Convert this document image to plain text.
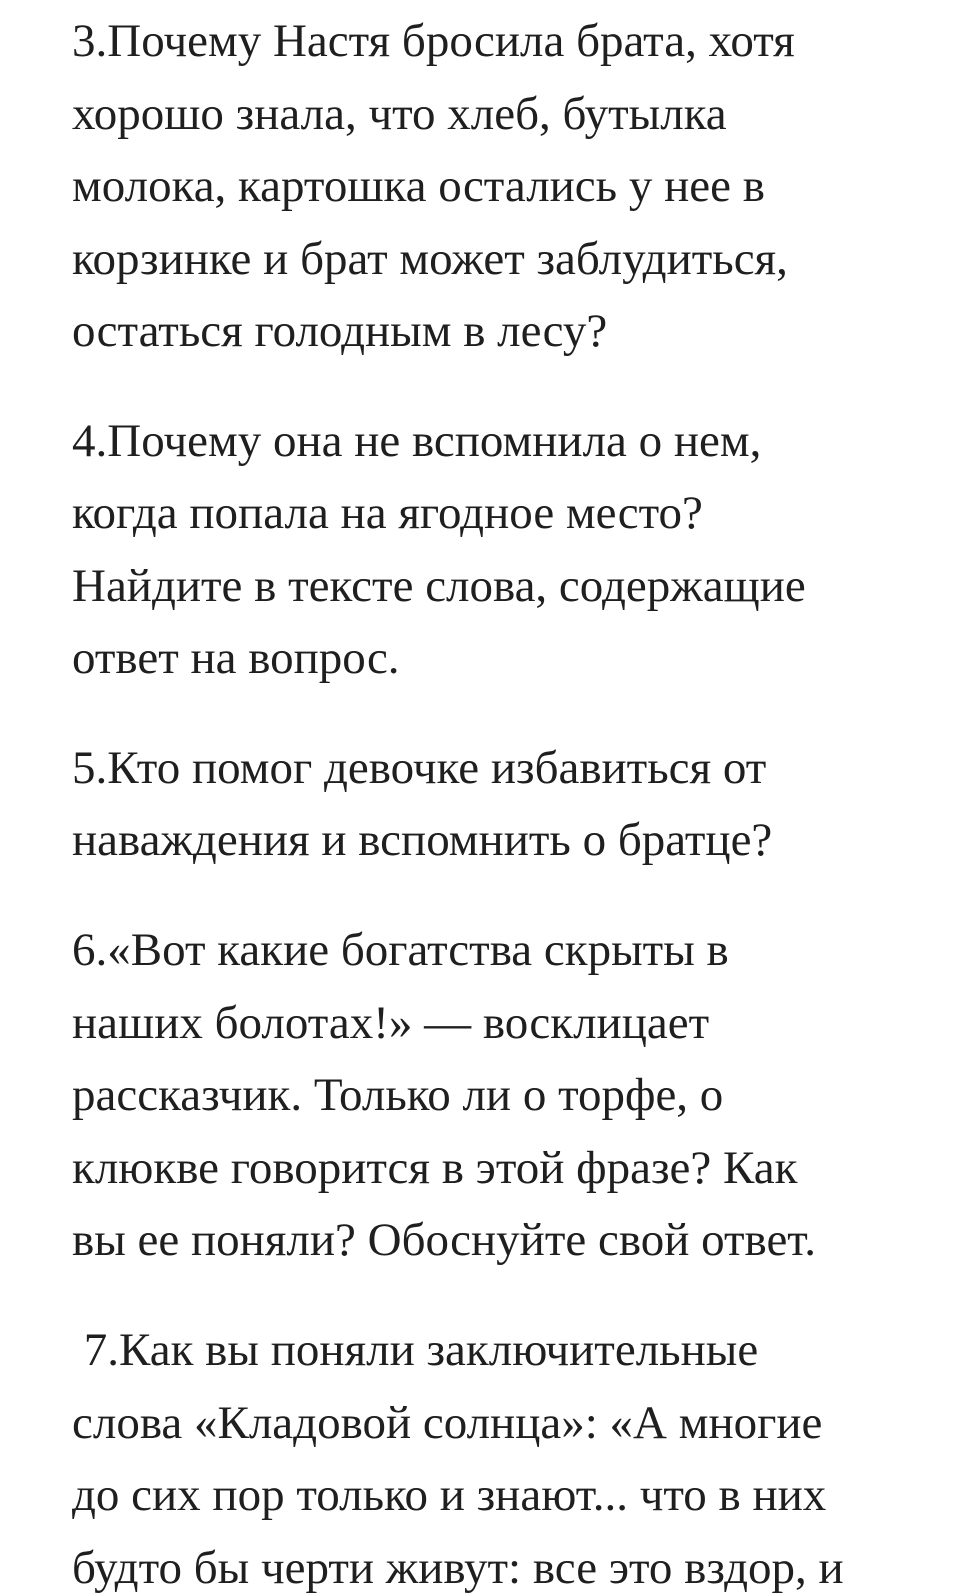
3.Почему Настя бросила брата, хотя
хорошо знала, что хлеб, бутылка
молока, картошка остались у нее в
корзинке и брат может заблудиться,
остаться голодным в лесу?
4.Почему она не вспомнила о нем,
когда попала на ягодное место?
Найдите в тексте слова, содержащие
ответ на вопрос.
5.Кто помог девочке избавиться от
наваждения и вспомнить о братце?
6.«Вот какие богатства скрыты в
наших болотах!» — восклицает
рассказчик. Только ли о торфе, о
клюкве говорится в этой фразе? Как
вы ее поняли? Обоснуйте свой ответ.
7.Как вы поняли заключительные
слова «Кладовой солнца»: «А многие
до сих пор только и знают... что в них
будто бы черти живут: все это вздор, и
